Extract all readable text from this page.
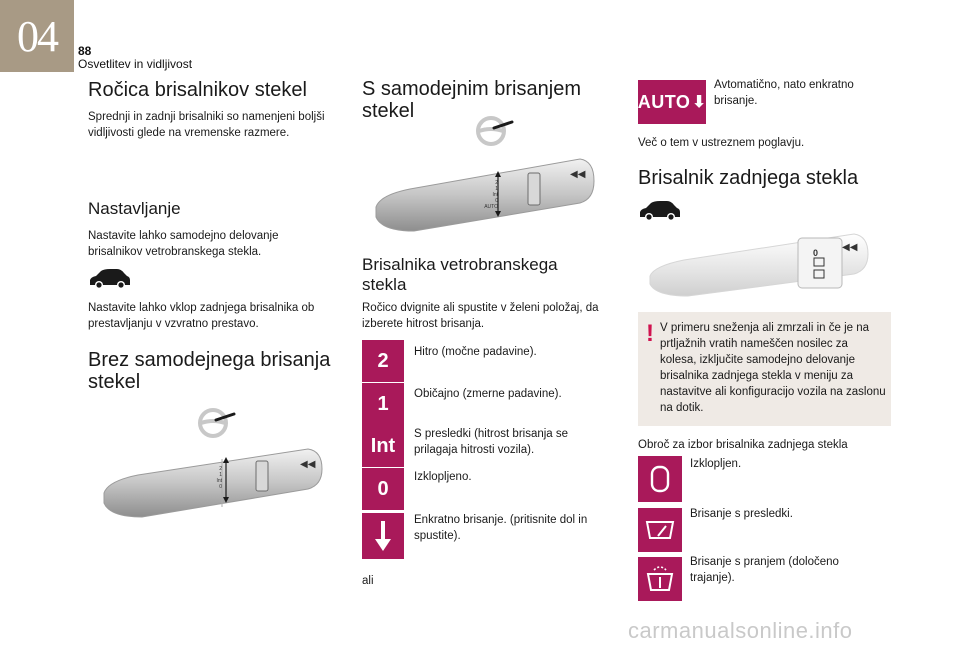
04 88
Osvetlitev in vidljivost
Ročica brisalnikov stekel

Sprednji in zadnji brisalniki so namenjeni boljši vidljivosti glede na vremenske razmere.

Nastavljanje

Nastavite lahko samodejno delovanje brisalnikov vetrobranskega stekla.

Nastavite lahko vklop zadnjega brisalnika ob prestavljanju v vzvratno prestavo.

Brez samodejnega brisanja stekel
◀◀
2
1
Int
0
S samodejnim brisanjem stekel
◀◀
2
1
Int
0
AUTO
Brisalnika vetrobranskega stekla

Ročico dvignite ali spustite v želeni položaj, da izberete hitrost brisanja.

2	Hitro (močne padavine).
1	Običajno (zmerne padavine).
Int
S presledki (hitrost brisanja se prilagaja hitrosti vozila).
0
Izklopljeno.
Enkratno brisanje. (pritisnite dol in spustite).
ali
AUTO ⬇
Avtomatično, nato enkratno brisanje.

Več o tem v ustreznem poglavju.

Brisalnik zadnjega stekla
◀◀
0
! V primeru sneženja ali zmrzali in če je na prtljažnih vratih nameščen nosilec za kolesa, izključite samodejno delovanje brisalnika zadnjega stekla v meniju za nastavitve ali konfiguracijo vozila na zaslonu na dotik.

Obroč za izbor brisalnika zadnjega stekla

Izklopljen.
Brisanje s presledki.
Brisanje s pranjem (določeno trajanje).
carmanualsonline.info
